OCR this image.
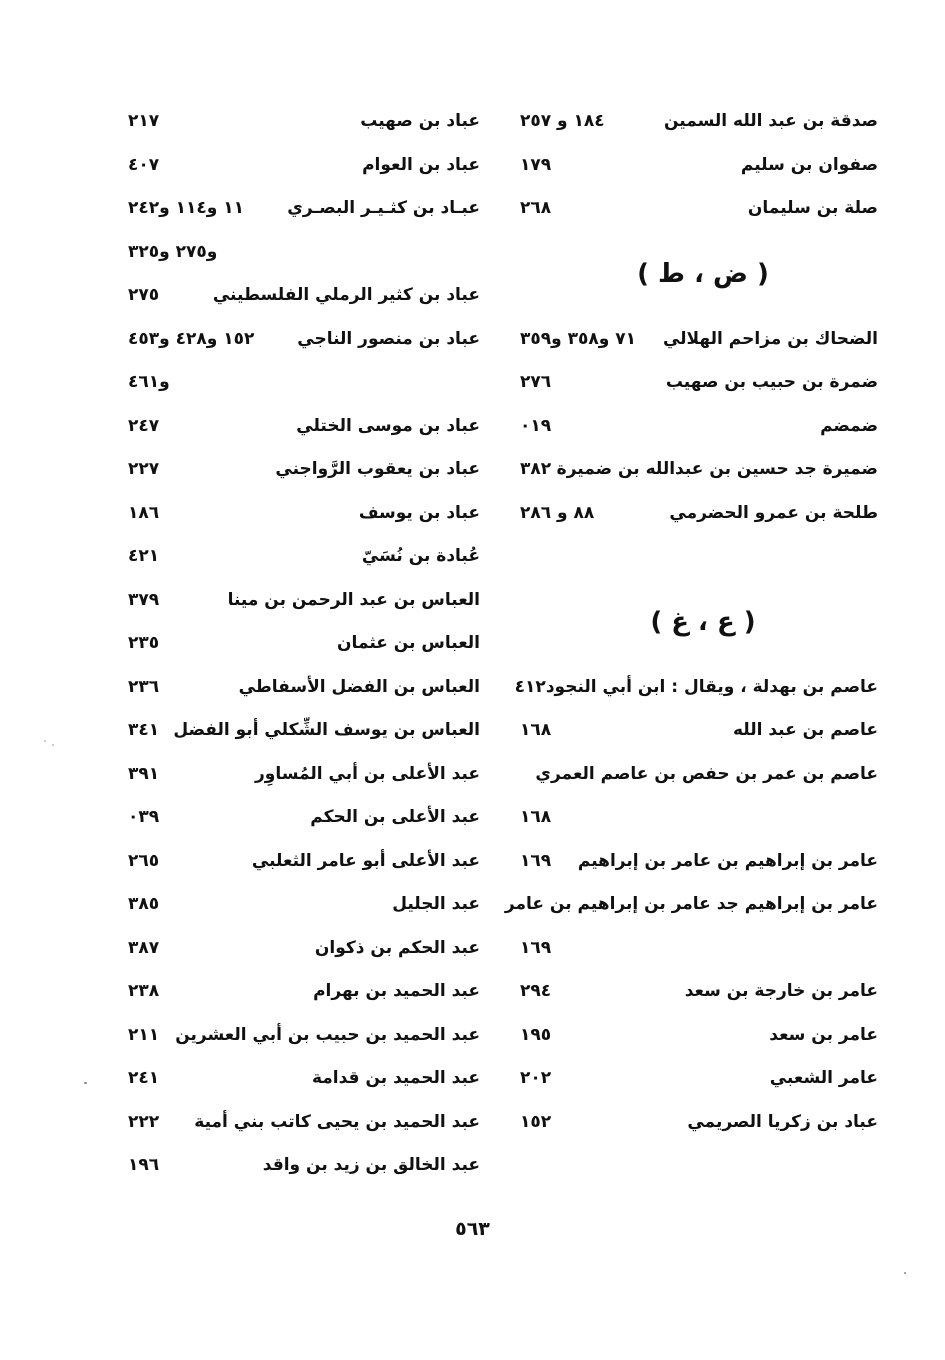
صدقة بن عبد الله السمين
١٨٤ و ٢٥٧
صفوان بن سليم
١٧٩
صلة بن سليمان
٢٦٨
( ض ، ط )
الضحاك بن مزاحم الهلالي
٧١ و٣٥٨ و٣٥٩
ضمرة بن حبيب بن صهيب
٢٧٦
ضمضم
٠١٩
ضميرة جد حسين بن عبدالله بن ضميرة
٣٨٢
طلحة بن عمرو الحضرمي
٨٨ و ٢٨٦
( ع ، غ )
عاصم بن بهدلة ، ويقال : ابن أبي النجود
٤١٢
عاصم بن عبد الله
١٦٨
عاصم بن عمر بن حفص بن عاصم العمري
١٦٨
عامر بن إبراهيم بن عامر بن إبراهيم
١٦٩
عامر بن إبراهيم جد عامر بن إبراهيم بن عامر
١٦٩
عامر بن خارجة بن سعد
٢٩٤
عامر بن سعد
١٩٥
عامر الشعبي
٢٠٢
عباد بن زكريا الصريمي
١٥٢
عباد بن صهيب
٢١٧
عباد بن العوام
٤٠٧
عبـاد بن كثـيـر البصـري
١١ و١١٤ و٢٤٢
و٢٧٥ و٣٢٥
عباد بن كثير الرملي الفلسطيني
٢٧٥
عباد بن منصور الناجي
١٥٢ و٤٢٨ و٤٥٣
و٤٦١
عباد بن موسى الختلي
٢٤٧
عباد بن يعقوب الرَّواجني
٢٢٧
عباد بن يوسف
١٨٦
عُبادة بن نُسَيّ
٤٢١
العباس بن عبد الرحمن بن مينا
٣٧٩
العباس بن عثمان
٢٣٥
العباس بن الفضل الأسفاطي
٢٣٦
العباس بن يوسف الشِّكلي أبو الفضل
٣٤١
عبد الأعلى بن أبي المُساوِر
٣٩١
عبد الأعلى بن الحكم
٠٣٩
عبد الأعلى أبو عامر الثعلبي
٢٦٥
عبد الجليل
٣٨٥
عبد الحكم بن ذكوان
٣٨٧
عبد الحميد بن بهرام
٢٣٨
عبد الحميد بن حبيب بن أبي العشرين
٢١١
عبد الحميد بن قدامة
٢٤١
عبد الحميد بن يحيى كاتب بني أمية
٢٢٢
عبد الخالق بن زيد بن واقد
١٩٦
٥٦٣
